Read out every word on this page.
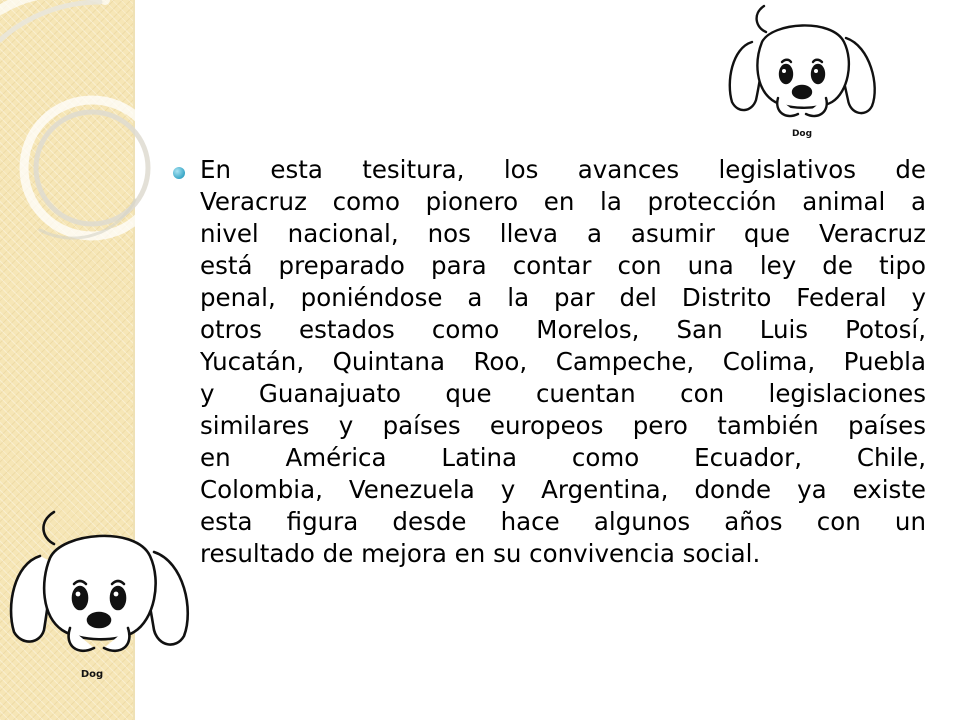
Dog
Dog

En esta tesitura, los avances legislativos de
Veracruz como pionero en la protección animal a
nivel nacional, nos lleva a asumir que Veracruz
está preparado para contar con una ley de tipo
penal, poniéndose a la par del Distrito Federal y
otros estados como Morelos, San Luis Potosí,
Yucatán, Quintana Roo, Campeche, Colima, Puebla
y Guanajuato que cuentan con legislaciones
similares y países europeos pero también países
en América Latina como Ecuador, Chile,
Colombia, Venezuela y Argentina, donde ya existe
esta figura desde hace algunos años con un
resultado de mejora en su convivencia social.
